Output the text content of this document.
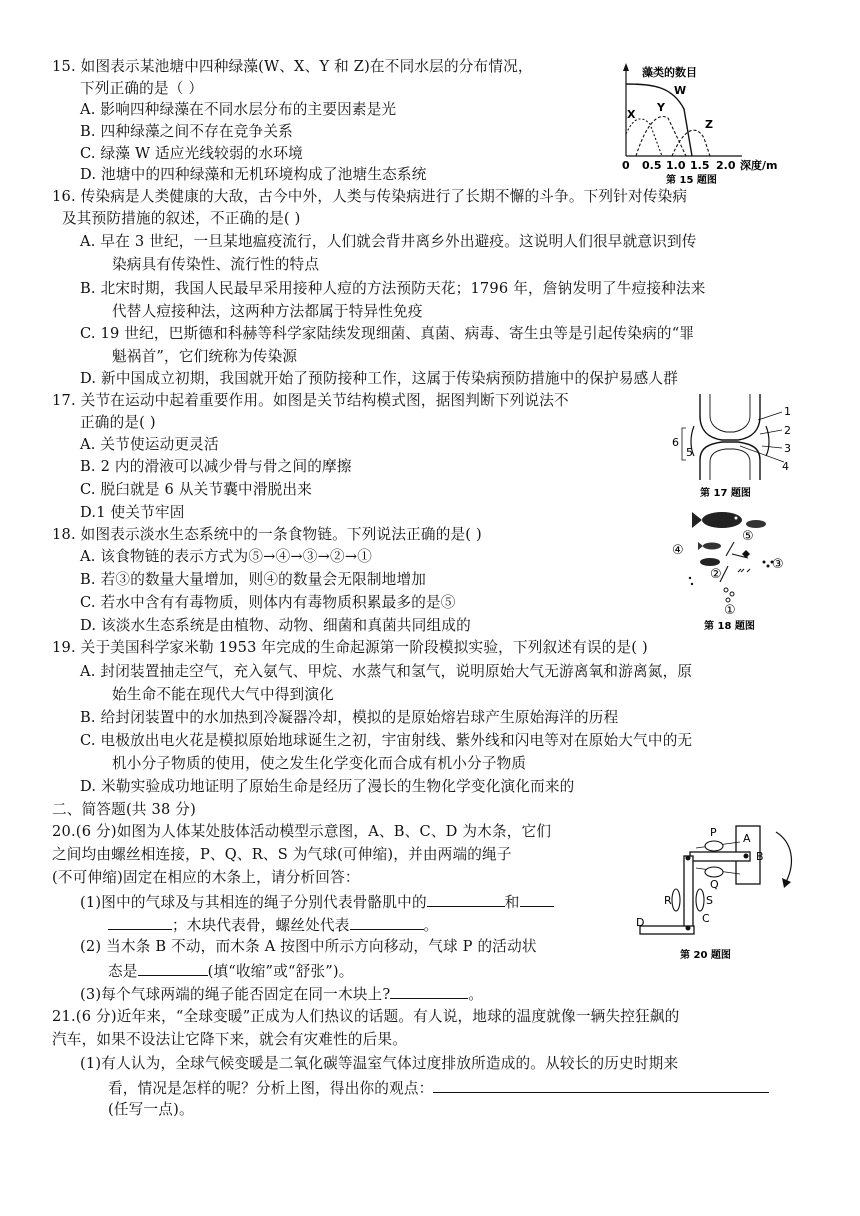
15. 如图表示某池塘中四种绿藻(W、X、Y 和 Z)在不同水层的分布情况，
下列正确的是（ ）
A. 影响四种绿藻在不同水层分布的主要因素是光
B. 四种绿藻之间不存在竞争关系
C. 绿藻 W 适应光线较弱的水环境
D. 池塘中的四种绿藻和无机环境构成了池塘生态系统
藻类的数目
W
X
Y
Z
0 0.5 1.0 1.5 2.0 深度/m
第 15 题图
16. 传染病是人类健康的大敌，古今中外，人类与传染病进行了长期不懈的斗争。下列针对传染病
及其预防措施的叙述，不正确的是( )
A. 早在 3 世纪，一旦某地瘟疫流行，人们就会背井离乡外出避疫。这说明人们很早就意识到传
染病具有传染性、流行性的特点
B. 北宋时期，我国人民最早采用接种人痘的方法预防天花；1796 年，詹钠发明了牛痘接种法来
代替人痘接种法，这两种方法都属于特异性免疫
C. 19 世纪，巴斯德和科赫等科学家陆续发现细菌、真菌、病毒、寄生虫等是引起传染病的“罪
魁祸首”，它们统称为传染源
D. 新中国成立初期，我国就开始了预防接种工作，这属于传染病预防措施中的保护易感人群
17. 关节在运动中起着重要作用。如图是关节结构模式图，据图判断下列说法不
正确的是( )
A. 关节使运动更灵活
B. 2 内的滑液可以减少骨与骨之间的摩擦
C. 脱臼就是 6 从关节囊中滑脱出来
D.1 使关节牢固
1
2
3
4
5
6
第 17 题图
18. 如图表示淡水生态系统中的一条食物链。下列说法正确的是( )
A. 该食物链的表示方式为⑤→④→③→②→①
B. 若③的数量大量增加，则④的数量会无限制地增加
C. 若水中含有有毒物质，则体内有毒物质积累最多的是⑤
D. 该淡水生态系统是由植物、动物、细菌和真菌共同组成的
④
⑤
③
②
①
第 18 题图
19. 关于美国科学家米勒 1953 年完成的生命起源第一阶段模拟实验，下列叙述有误的是( )
A. 封闭装置抽走空气，充入氨气、甲烷、水蒸气和氢气，说明原始大气无游离氧和游离氮，原
始生命不能在现代大气中得到演化
B. 给封闭装置中的水加热到冷凝器冷却，模拟的是原始熔岩球产生原始海洋的历程
C. 电极放出电火花是模拟原始地球诞生之初，宇宙射线、紫外线和闪电等对在原始大气中的无
机小分子物质的使用，使之发生化学变化而合成有机小分子物质
D. 米勒实验成功地证明了原始生命是经历了漫长的生物化学变化演化而来的
二、简答题(共 38 分)
20.(6 分)如图为人体某处肢体活动模型示意图，A、B、C、D 为木条，它们
之间均由螺丝相连接，P、Q、R、S 为气球(可伸缩)，并由两端的绳子
(不可伸缩)固定在相应的木条上，请分析回答：
(1)图中的气球及与其相连的绳子分别代表骨骼肌中的	和
；木块代表骨，螺丝处代表	。
(2) 当木条 B 不动，而木条 A 按图中所示方向移动，气球 P 的活动状
态是	(填“收缩”或“舒张”)。
(3)每个气球两端的绳子能否固定在同一木块上?	。
A
B
C
D
P
Q
R	S
第 20 题图
21.(6 分)近年来，“全球变暖”正成为人们热议的话题。有人说，地球的温度就像一辆失控狂飙的
汽车，如果不设法让它降下来，就会有灾难性的后果。
(1)有人认为，全球气候变暖是二氧化碳等温室气体过度排放所造成的。从较长的历史时期来
看，情况是怎样的呢？分析上图，得出你的观点：
(任写一点)。
